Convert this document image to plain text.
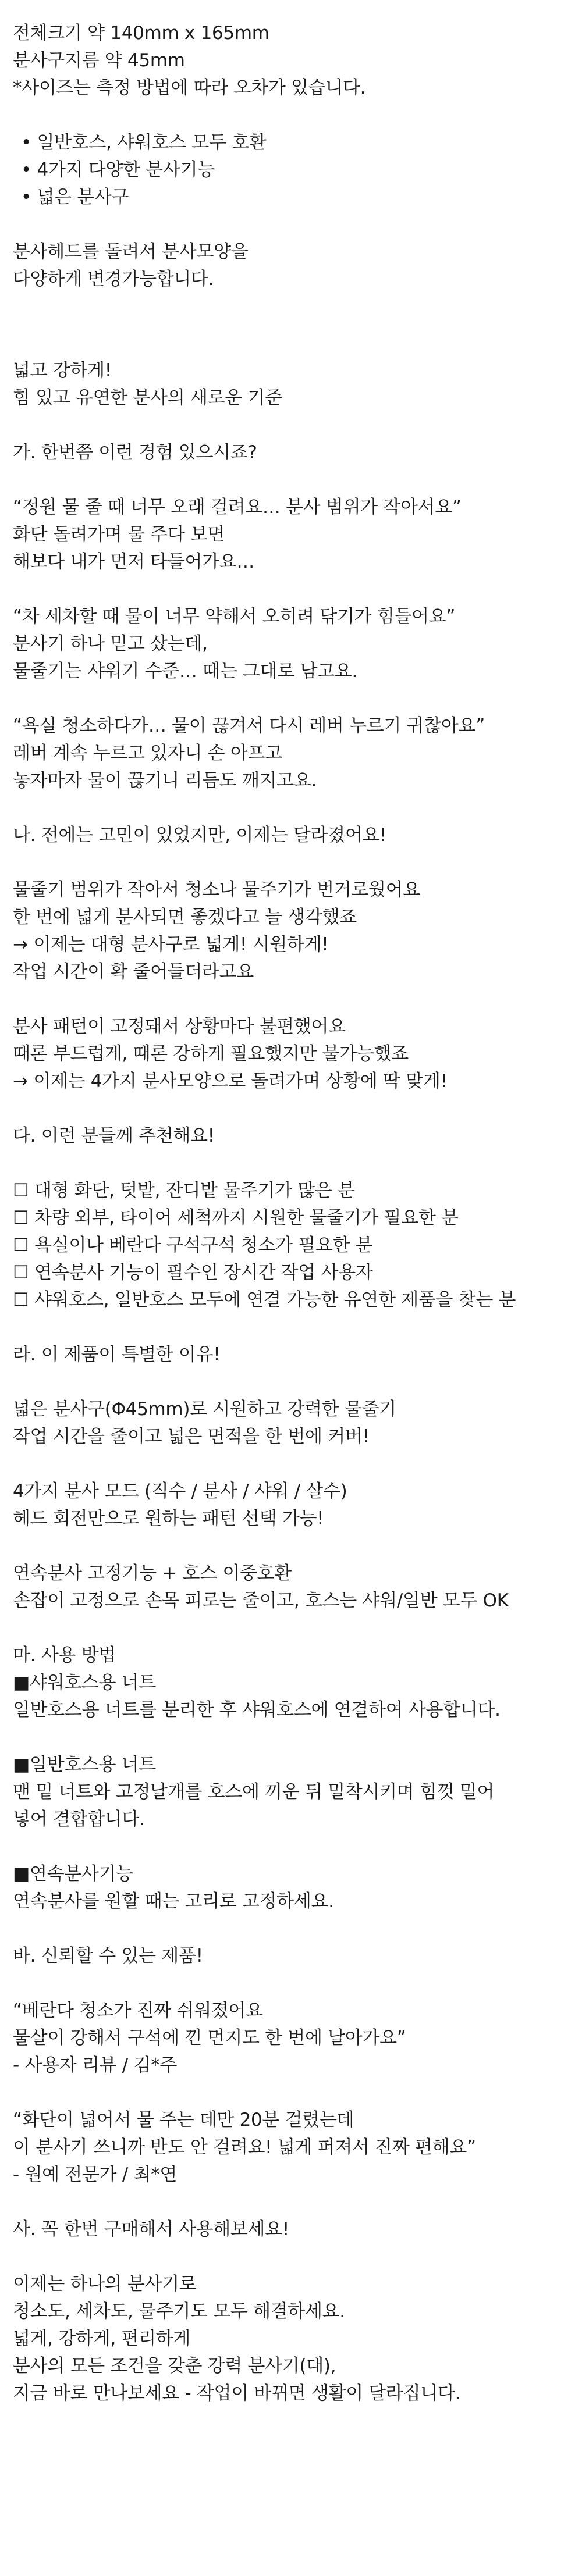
전체크기 약 140mm x 165mm
분사구지름 약 45mm
*사이즈는 측정 방법에 따라 오차가 있습니다.
• 일반호스, 샤워호스 모두 호환
• 4가지 다양한 분사기능
• 넓은 분사구
분사헤드를 돌려서 분사모양을
다양하게 변경가능합니다.
넓고 강하게!
힘 있고 유연한 분사의 새로운 기준
가. 한번쯤 이런 경험 있으시죠?
“정원 물 줄 때 너무 오래 걸려요… 분사 범위가 작아서요”
화단 돌려가며 물 주다 보면
해보다 내가 먼저 타들어가요…
“차 세차할 때 물이 너무 약해서 오히려 닦기가 힘들어요”
분사기 하나 믿고 샀는데,
물줄기는 샤워기 수준… 때는 그대로 남고요.
“욕실 청소하다가… 물이 끊겨서 다시 레버 누르기 귀찮아요”
레버 계속 누르고 있자니 손 아프고
놓자마자 물이 끊기니 리듬도 깨지고요.
나. 전에는 고민이 있었지만, 이제는 달라졌어요!
물줄기 범위가 작아서 청소나 물주기가 번거로웠어요
한 번에 넓게 분사되면 좋겠다고 늘 생각했죠
→ 이제는 대형 분사구로 넓게! 시원하게!
작업 시간이 확 줄어들더라고요
분사 패턴이 고정돼서 상황마다 불편했어요
때론 부드럽게, 때론 강하게 필요했지만 불가능했죠
→ 이제는 4가지 분사모양으로 돌려가며 상황에 딱 맞게!
다. 이런 분들께 추천해요!
☐ 대형 화단, 텃밭, 잔디밭 물주기가 많은 분
☐ 차량 외부, 타이어 세척까지 시원한 물줄기가 필요한 분
☐ 욕실이나 베란다 구석구석 청소가 필요한 분
☐ 연속분사 기능이 필수인 장시간 작업 사용자
☐ 샤워호스, 일반호스 모두에 연결 가능한 유연한 제품을 찾는 분
라. 이 제품이 특별한 이유!
넓은 분사구(Φ45mm)로 시원하고 강력한 물줄기
작업 시간을 줄이고 넓은 면적을 한 번에 커버!
4가지 분사 모드 (직수 / 분사 / 샤워 / 살수)
헤드 회전만으로 원하는 패턴 선택 가능!
연속분사 고정기능 + 호스 이중호환
손잡이 고정으로 손목 피로는 줄이고, 호스는 샤워/일반 모두 OK
마. 사용 방법
■샤워호스용 너트
일반호스용 너트를 분리한 후 샤워호스에 연결하여 사용합니다.
■일반호스용 너트
맨 밑 너트와 고정날개를 호스에 끼운 뒤 밀착시키며 힘껏 밀어
넣어 결합합니다.
■연속분사기능
연속분사를 원할 때는 고리로 고정하세요.
바. 신뢰할 수 있는 제품!
“베란다 청소가 진짜 쉬워졌어요
물살이 강해서 구석에 낀 먼지도 한 번에 날아가요”
- 사용자 리뷰 / 김*주
“화단이 넓어서 물 주는 데만 20분 걸렸는데
이 분사기 쓰니까 반도 안 걸려요! 넓게 퍼져서 진짜 편해요”
- 원예 전문가 / 최*연
사. 꼭 한번 구매해서 사용해보세요!
이제는 하나의 분사기로
청소도, 세차도, 물주기도 모두 해결하세요.
넓게, 강하게, 편리하게
분사의 모든 조건을 갖춘 강력 분사기(대),
지금 바로 만나보세요 - 작업이 바뀌면 생활이 달라집니다.
